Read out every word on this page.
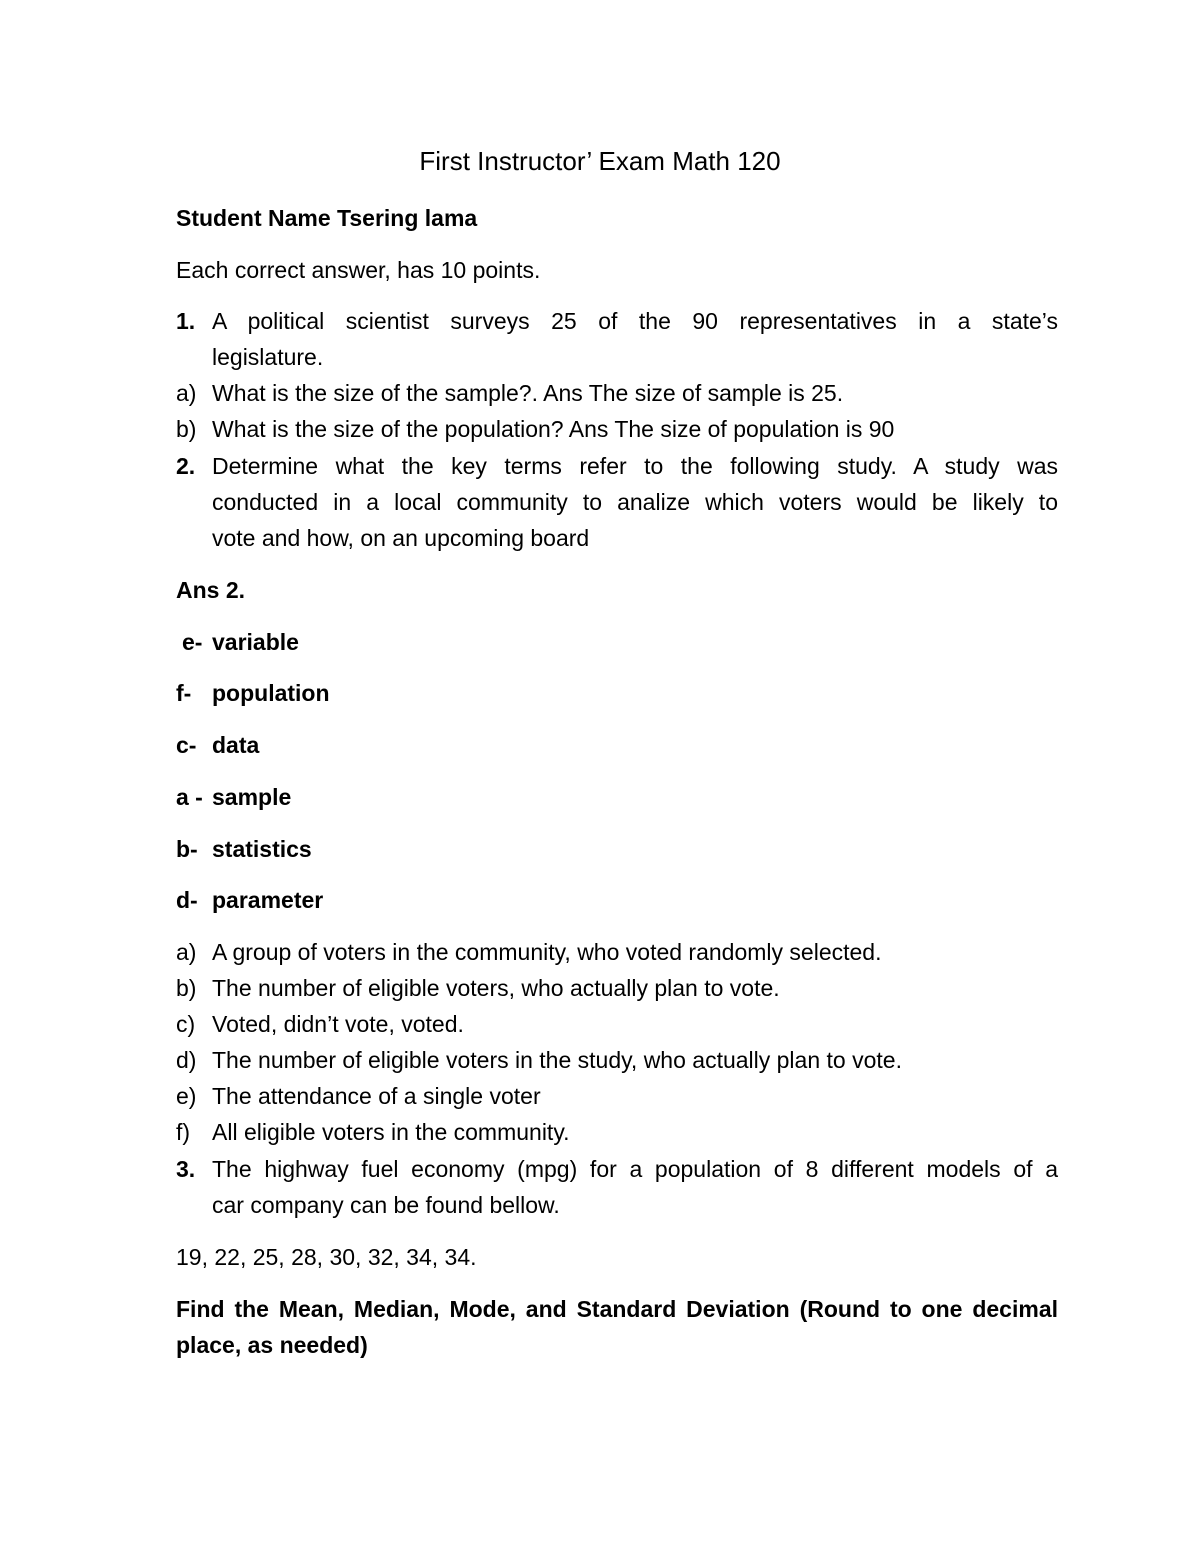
First Instructor’ Exam Math 120
Student Name Tsering lama
Each correct answer, has 10 points.
1. A political scientist surveys 25 of the 90 representatives in a state’s
legislature.
a) What is the size of the sample?. Ans The size of sample is 25.
b) What is the size of the population? Ans The size of population is 90
2. Determine what the key terms refer to the following study. A study was
conducted in a local community to analize which voters would be likely to
vote and how, on an upcoming board
Ans 2.
e- variable
f- population
c- data
a - sample
b- statistics
d- parameter
a) A group of voters in the community, who voted randomly selected.
b) The number of eligible voters, who actually plan to vote.
c) Voted, didn’t vote, voted.
d) The number of eligible voters in the study, who actually plan to vote.
e) The attendance of a single voter
f) All eligible voters in the community.
3. The highway fuel economy (mpg) for a population of 8 different models of a
car company can be found bellow.
19, 22, 25, 28, 30, 32, 34, 34.
Find the Mean, Median, Mode, and Standard Deviation (Round to one decimal
place, as needed)
